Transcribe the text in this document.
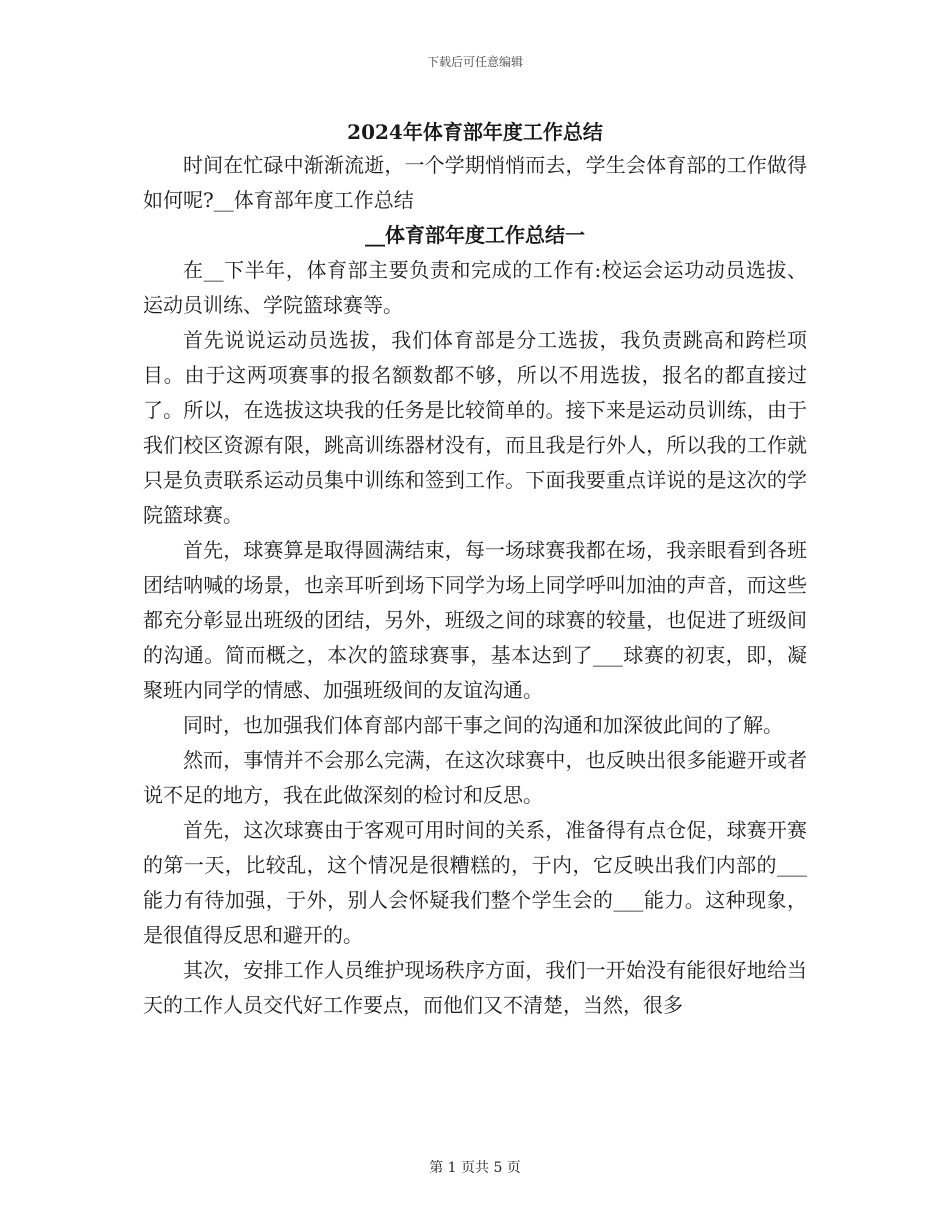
下载后可任意编辑
2024年体育部年度工作总结

时间在忙碌中渐渐流逝，一个学期悄悄而去，学生会体育部的工作做得如何呢?__体育部年度工作总结

__体育部年度工作总结一

在__下半年，体育部主要负责和完成的工作有:校运会运功动员选拔、运动员训练、学院篮球赛等。

首先说说运动员选拔，我们体育部是分工选拔，我负责跳高和跨栏项目。由于这两项赛事的报名额数都不够，所以不用选拔，报名的都直接过了。所以，在选拔这块我的任务是比较简单的。接下来是运动员训练，由于我们校区资源有限，跳高训练器材没有，而且我是行外人，所以我的工作就只是负责联系运动员集中训练和签到工作。下面我要重点详说的是这次的学院篮球赛。

首先，球赛算是取得圆满结束，每一场球赛我都在场，我亲眼看到各班团结呐喊的场景，也亲耳听到场下同学为场上同学呼叫加油的声音，而这些都充分彰显出班级的团结，另外，班级之间的球赛的较量，也促进了班级间的沟通。简而概之，本次的篮球赛事，基本达到了___球赛的初衷，即，凝聚班内同学的情感、加强班级间的友谊沟通。

同时，也加强我们体育部内部干事之间的沟通和加深彼此间的了解。

然而，事情并不会那么完满，在这次球赛中，也反映出很多能避开或者说不足的地方，我在此做深刻的检讨和反思。

首先，这次球赛由于客观可用时间的关系，准备得有点仓促，球赛开赛的第一天，比较乱，这个情况是很糟糕的，于内，它反映出我们内部的___能力有待加强，于外，别人会怀疑我们整个学生会的___能力。这种现象，是很值得反思和避开的。

其次，安排工作人员维护现场秩序方面，我们一开始没有能很好地给当天的工作人员交代好工作要点，而他们又不清楚，当然，很多

第 1 页共 5 页
